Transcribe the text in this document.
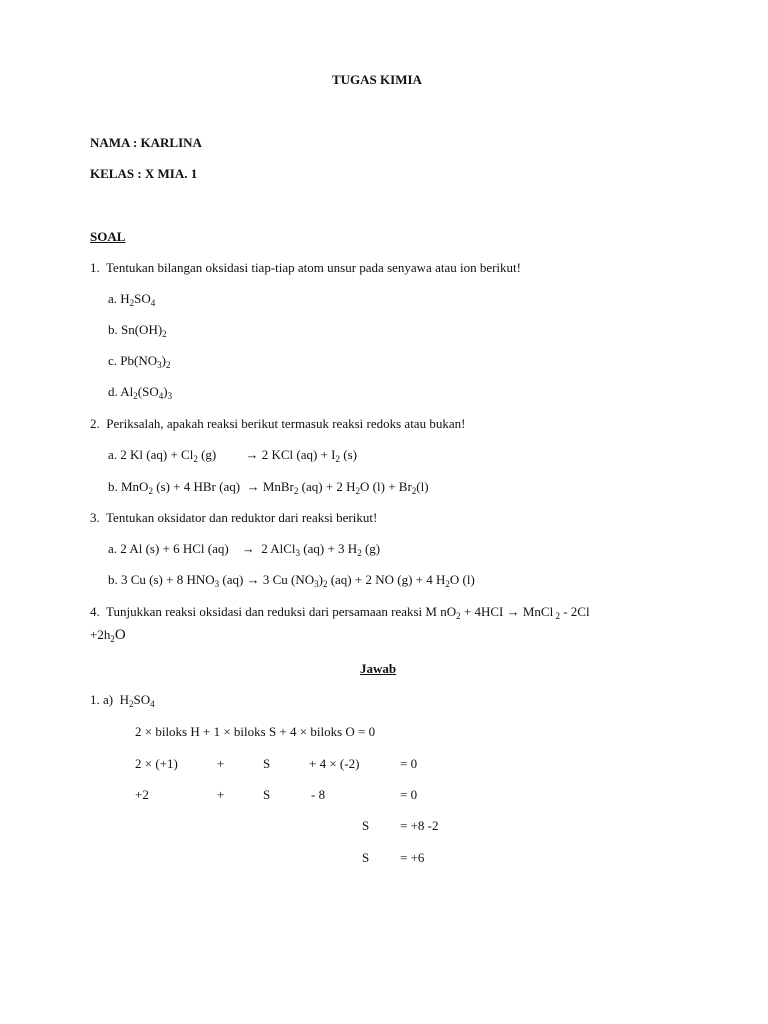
TUGAS KIMIA
NAMA : KARLINA
KELAS : X MIA. 1
SOAL
1. Tentukan bilangan oksidasi tiap-tiap atom unsur pada senyawa atau ion berikut!
a. $H_2SO_4$
b. $Sn(OH)_2$
c. $Pb(NO_3)_2$
d. $Al_2(SO_4)_3$
2. Periksalah, apakah reaksi berikut termasuk reaksi redoks atau bukan!
a. 2 Kl $(aq) + Cl_2$ (g)         → 2 KCl $(aq) + I_2$ (s)
b. MnO$_2$ (s) + 4 HBr (aq)  → MnBr$_2$ (aq) + 2 $H_2O$ $(l) + Br_2(l)$
3. Tentukan oksidator dan reduktor dari reaksi berikut!
a. 2 Al (s) + 6 HCl (aq)    →  2 AlCl$_3$ (aq) + 3 $H_2$ (g)
b. 3 Cu (s) + 8 $HNO_3$ (aq) → 3 Cu $(NO_3)_2$ (aq) + 2 NO (g) + 4 $H_2O$ (l)
4. Tunjukkan reaksi oksidasi dan reduksi dari persamaan reaksi M $nO_2 + 4HCI$ → MnCl $_2$ - 2Cl
$+2h_2O$
Jawab
1. a)  $H_2SO_4$
2 × biloks H + 1 × biloks S + 4 × biloks O = 0
2 × (+1)	+	S	+ 4 × (-2)	= 0
+2	+	S	- 8	= 0
S = +8 -2
S = +6
